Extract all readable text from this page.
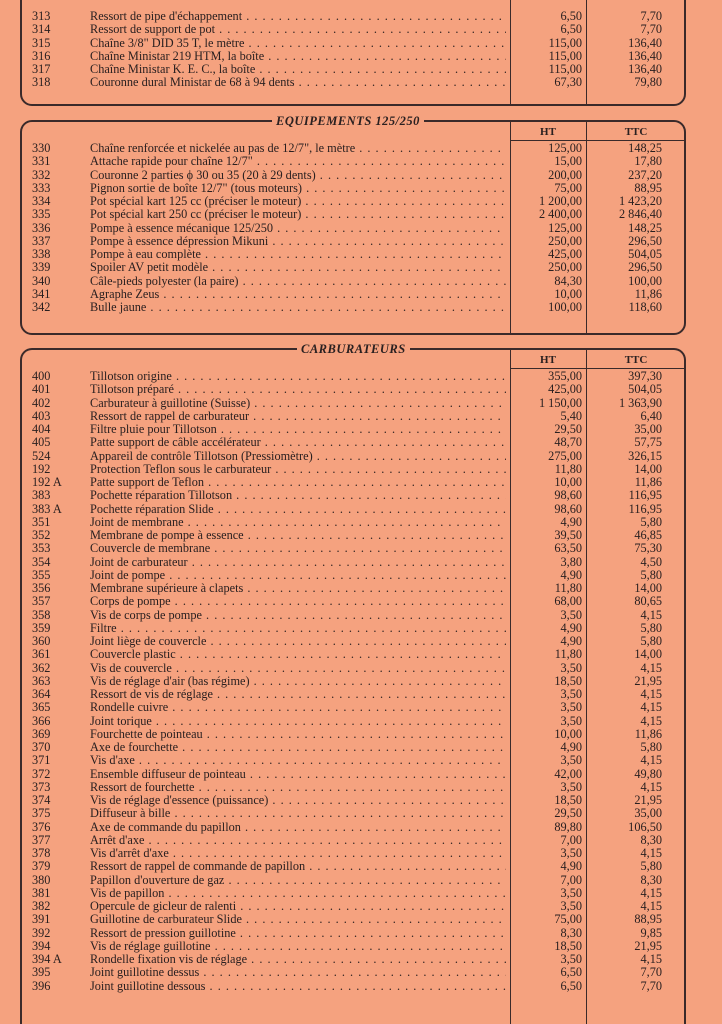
313	Ressort de pipe d'échappement . . .	6,50	7,70
314	Ressort de support de pot . . .	6,50	7,70
315	Chaîne 3/8" DID 35 T, le mètre . . .	115,00	136,40
316	Chaîne Ministar 219 HTM, la boîte . . .	115,00	136,40
317	Chaîne Ministar K. E. C., la boîte . . .	115,00	136,40
318	Couronne dural Ministar de 68 à 94 dents . . .	67,30	79,80
EQUIPEMENTS 125/250
HT	TTC
330	Chaîne renforcée et nickelée au pas de 12/7", le mètre . . .	125,00	148,25
331	Attache rapide pour chaîne 12/7" . . .	15,00	17,80
332	Couronne 2 parties ϕ 30 ou 35 (20 à 29 dents) . . .	200,00	237,20
333	Pignon sortie de boîte 12/7" (tous moteurs) . . .	75,00	88,95
334	Pot spécial kart 125 cc (préciser le moteur) . . .	1 200,00	1 423,20
335	Pot spécial kart 250 cc (préciser le moteur) . . .	2 400,00	2 846,40
336	Pompe à essence mécanique 125/250 . . .	125,00	148,25
337	Pompe à essence dépression Mikuni . . .	250,00	296,50
338	Pompe à eau complète . . .	425,00	504,05
339	Spoiler AV petit modèle . . .	250,00	296,50
340	Câle-pieds polyester (la paire) . . .	84,30	100,00
341	Agraphe Zeus . . .	10,00	11,86
342	Bulle jaune . . .	100,00	118,60
CARBURATEURS
HT	TTC
400	Tillotson origine . . .	355,00	397,30
401	Tillotson préparé . . .	425,00	504,05
402	Carburateur à guillotine (Suisse) . . .	1 150,00	1 363,90
403	Ressort de rappel de carburateur . . .	5,40	6,40
404	Filtre pluie pour Tillotson . . .	29,50	35,00
405	Patte support de câble accélérateur . . .	48,70	57,75
524	Appareil de contrôle Tillotson (Pressiomètre) . . .	275,00	326,15
192	Protection Teflon sous le carburateur . . .	11,80	14,00
192 A	Patte support de Teflon . . .	10,00	11,86
383	Pochette réparation Tillotson . . .	98,60	116,95
383 A	Pochette réparation Slide . . .	98,60	116,95
351	Joint de membrane . . .	4,90	5,80
352	Membrane de pompe à essence . . .	39,50	46,85
353	Couvercle de membrane . . .	63,50	75,30
354	Joint de carburateur . . .	3,80	4,50
355	Joint de pompe . . .	4,90	5,80
356	Membrane supérieure à clapets . . .	11,80	14,00
357	Corps de pompe . . .	68,00	80,65
358	Vis de corps de pompe . . .	3,50	4,15
359	Filtre . . .	4,90	5,80
360	Joint liège de couvercle . . .	4,90	5,80
361	Couvercle plastic . . .	11,80	14,00
362	Vis de couvercle . . .	3,50	4,15
363	Vis de réglage d'air (bas régime) . . .	18,50	21,95
364	Ressort de vis de réglage . . .	3,50	4,15
365	Rondelle cuivre . . .	3,50	4,15
366	Joint torique . . .	3,50	4,15
369	Fourchette de pointeau . . .	10,00	11,86
370	Axe de fourchette . . .	4,90	5,80
371	Vis d'axe . . .	3,50	4,15
372	Ensemble diffuseur de pointeau . . .	42,00	49,80
373	Ressort de fourchette . . .	3,50	4,15
374	Vis de réglage d'essence (puissance) . . .	18,50	21,95
375	Diffuseur à bille . . .	29,50	35,00
376	Axe de commande du papillon . . .	89,80	106,50
377	Arrêt d'axe . . .	7,00	8,30
378	Vis d'arrêt d'axe . . .	3,50	4,15
379	Ressort de rappel de commande de papillon . . .	4,90	5,80
380	Papillon d'ouverture de gaz . . .	7,00	8,30
381	Vis de papillon . . .	3,50	4,15
382	Opercule de gicleur de ralenti . . .	3,50	4,15
391	Guillotine de carburateur Slide . . .	75,00	88,95
392	Ressort de pression guillotine . . .	8,30	9,85
394	Vis de réglage guillotine . . .	18,50	21,95
394 A	Rondelle fixation vis de réglage . . .	3,50	4,15
395	Joint guillotine dessus . . .	6,50	7,70
396	Joint guillotine dessous . . .	6,50	7,70
